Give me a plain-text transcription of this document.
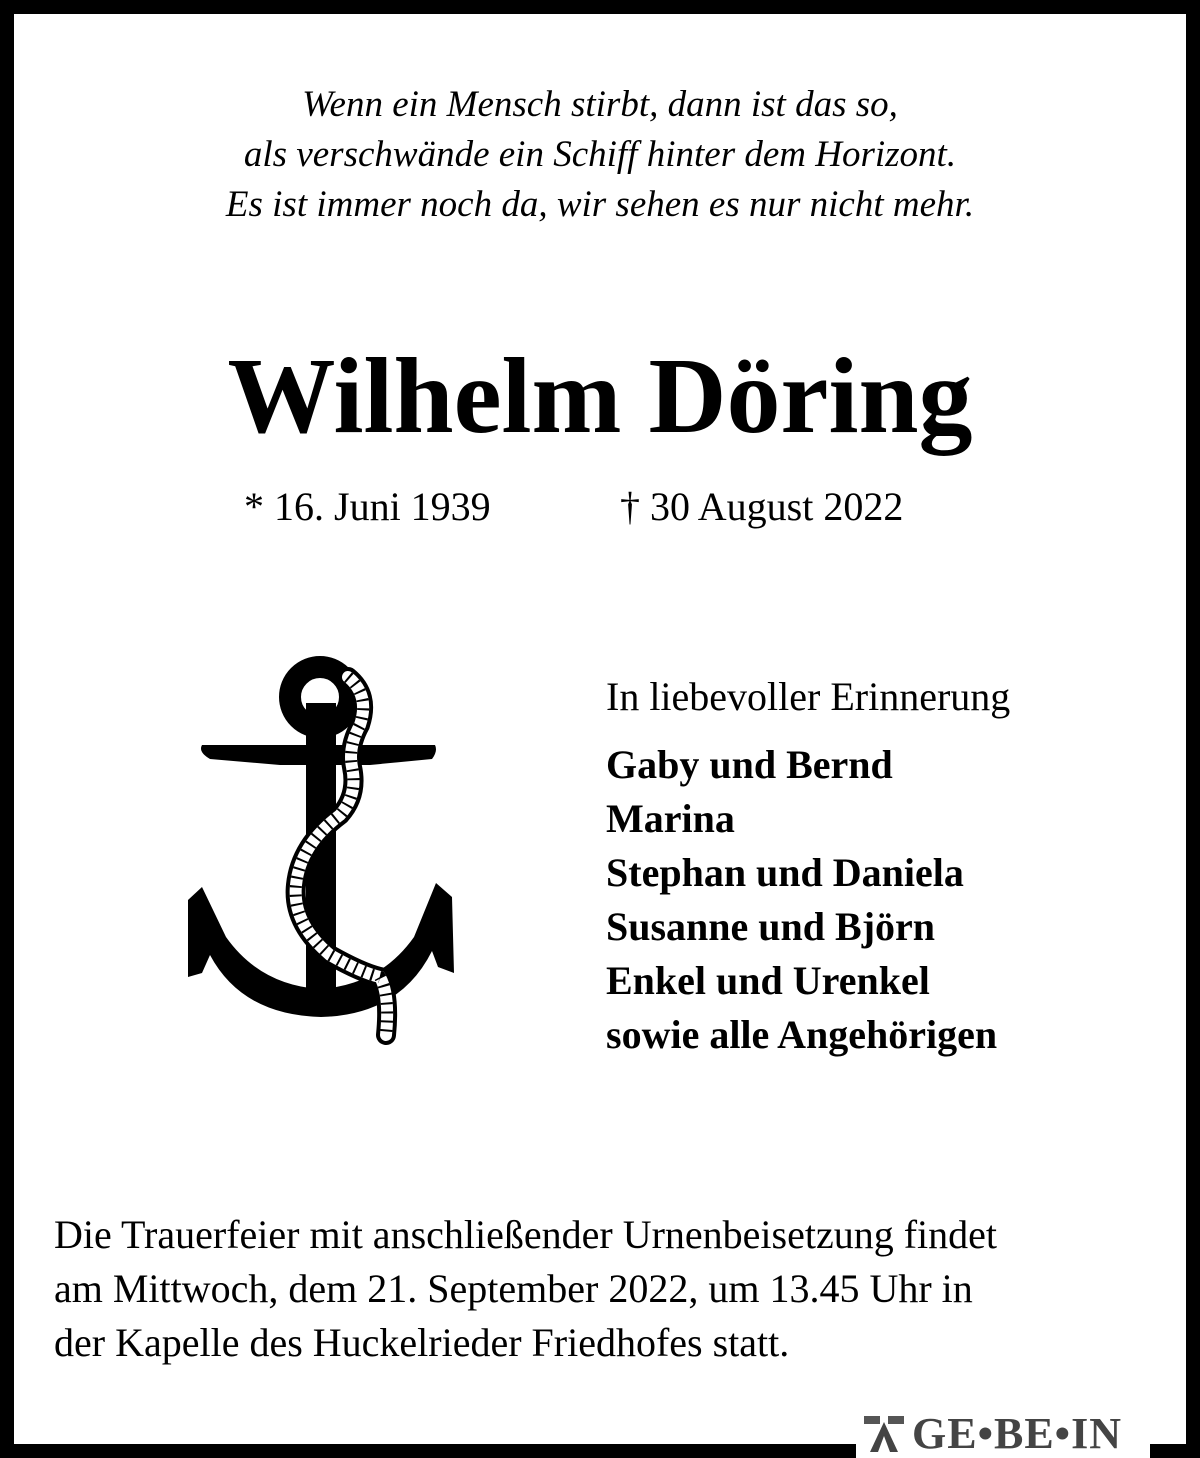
Wenn ein Mensch stirbt, dann ist das so,
als verschwände ein Schiff hinter dem Horizont.
Es ist immer noch da, wir sehen es nur nicht mehr.
Wilhelm Döring
* 16. Juni 1939	† 30 August 2022
In liebevoller Erinnerung
Gaby und Bernd
Marina
Stephan und Daniela
Susanne und Björn
Enkel und Urenkel
sowie alle Angehörigen
Die Trauerfeier mit anschließender Urnenbeisetzung findet
am Mittwoch, dem 21. September 2022, um 13.45 Uhr in
der Kapelle des Huckelrieder Friedhofes statt.
GE•BE•IN
